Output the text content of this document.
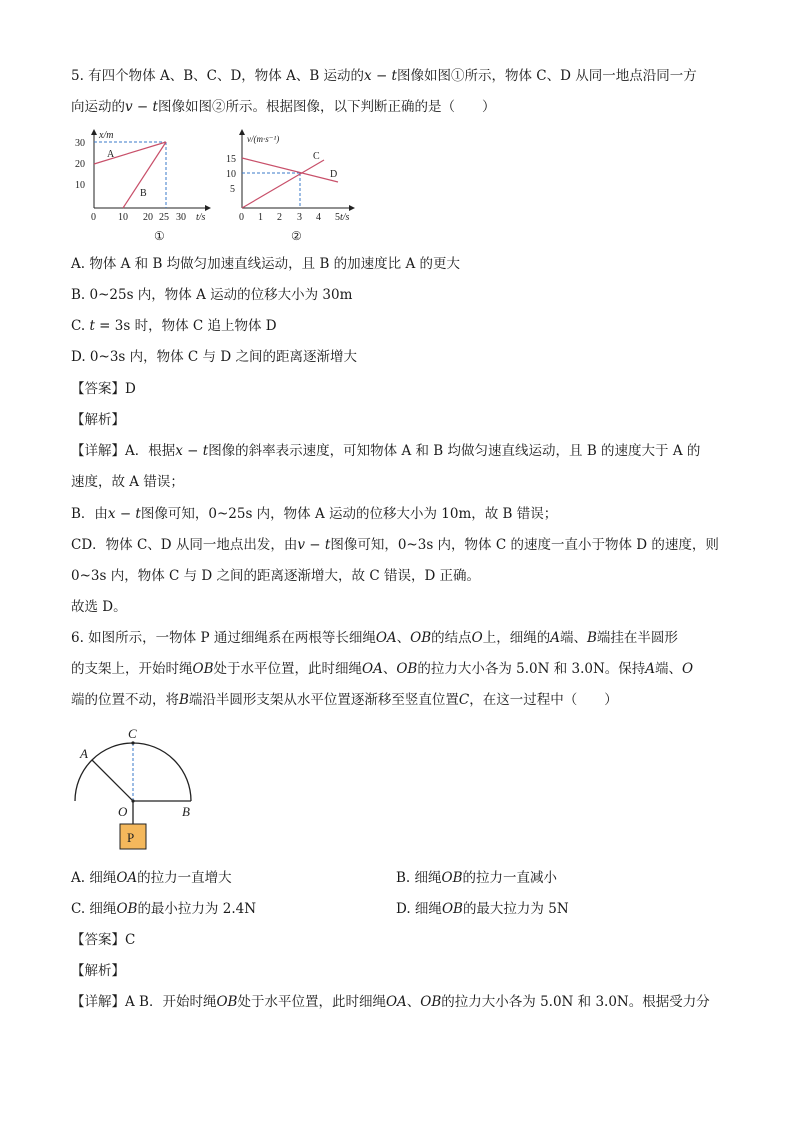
5. 有四个物体 A、B、C、D，物体 A、B 运动的x − t图像如图①所示，物体 C、D 从同一地点沿同一方
向运动的v − t图像如图②所示。根据图像，以下判断正确的是（　　）
x/m
t/s
30
20
10
0 10 20 25 30
A
B
①
v/(m·s⁻¹)
t/s
15
10
5
0 1 2 3 4 5
C
D
②
A. 物体 A 和 B 均做匀加速直线运动，且 B 的加速度比 A 的更大
B. 0~25s 内，物体 A 运动的位移大小为 30m
C. t = 3s 时，物体 C 追上物体 D
D. 0~3s 内，物体 C 与 D 之间的距离逐渐增大
【答案】D
【解析】
【详解】A．根据x − t图像的斜率表示速度，可知物体 A 和 B 均做匀速直线运动，且 B 的速度大于 A 的
速度，故 A 错误；
B．由x − t图像可知，0~25s 内，物体 A 运动的位移大小为 10m，故 B 错误；
CD．物体 C、D 从同一地点出发，由v − t图像可知，0~3s 内，物体 C 的速度一直小于物体 D 的速度，则
0~3s 内，物体 C 与 D 之间的距离逐渐增大，故 C 错误，D 正确。
故选 D。
6. 如图所示，一物体 P 通过细绳系在两根等长细绳OA、OB的结点O上，细绳的A端、B端挂在半圆形
的支架上，开始时绳OB处于水平位置，此时细绳OA、OB的拉力大小各为 5.0N 和 3.0N。保持A端、O
端的位置不动，将B端沿半圆形支架从水平位置逐渐移至竖直位置C，在这一过程中（　　）
P
A
C
O	B
A. 细绳OA的拉力一直增大	B. 细绳OB的拉力一直减小
C. 细绳OB的最小拉力为 2.4N	D. 细绳OB的最大拉力为 5N
【答案】C
【解析】
【详解】A B．开始时绳OB处于水平位置，此时细绳OA、OB的拉力大小各为 5.0N 和 3.0N。根据受力分
